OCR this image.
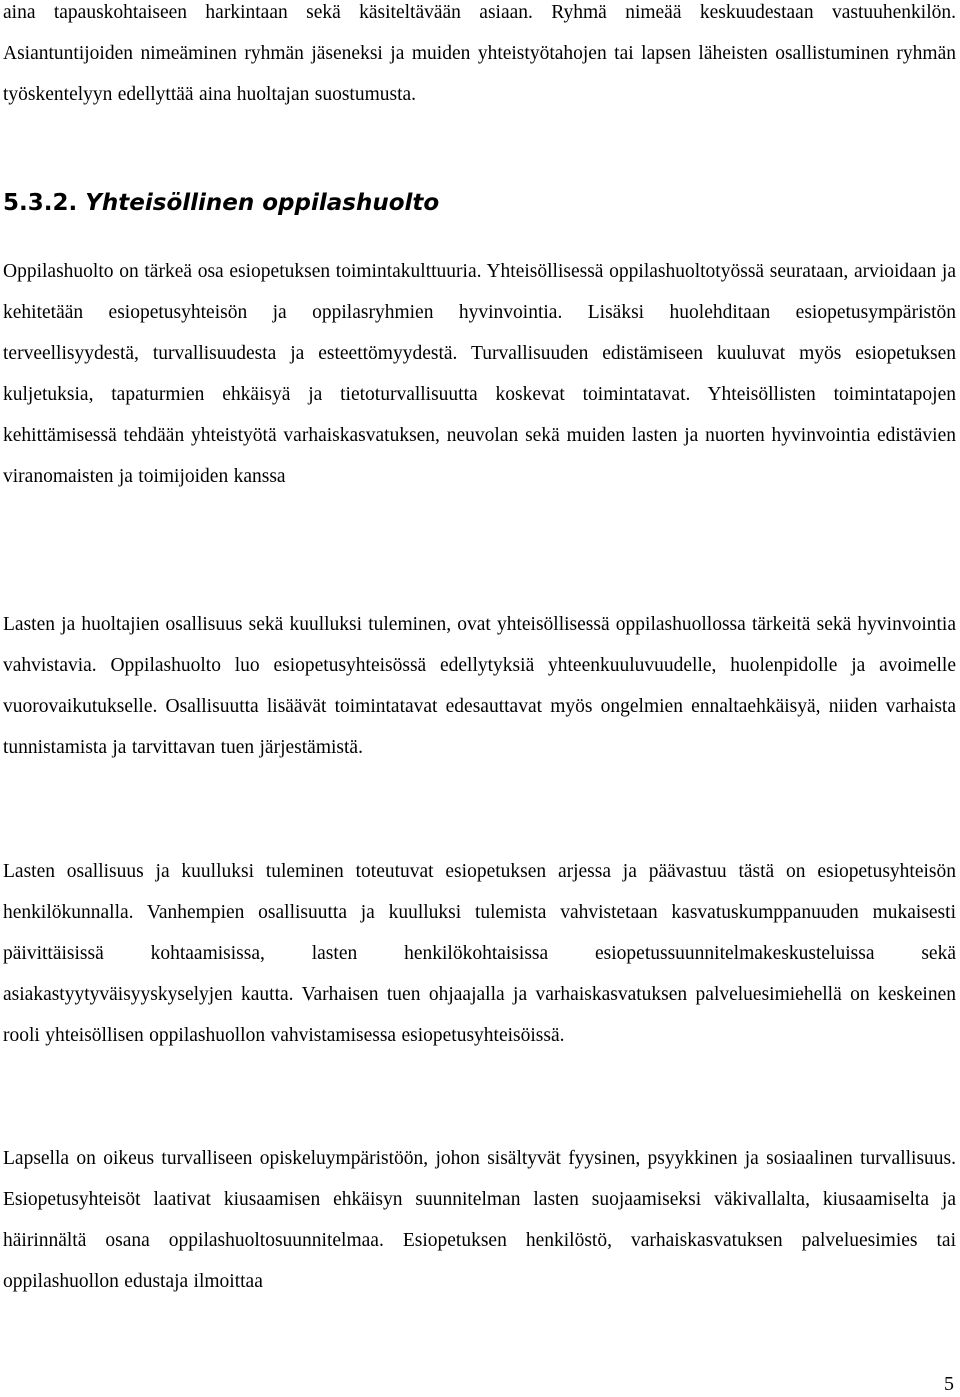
aina tapauskohtaiseen harkintaan sekä käsiteltävään asiaan. Ryhmä nimeää keskuudestaan vastuuhenkilön. Asiantuntijoiden nimeäminen ryhmän jäseneksi ja muiden yhteistyötahojen tai lapsen läheisten osallistuminen ryhmän työskentelyyn edellyttää aina huoltajan suostumusta.

5.3.2. Yhteisöllinen oppilashuolto

Oppilashuolto on tärkeä osa esiopetuksen toimintakulttuuria. Yhteisöllisessä oppilashuoltotyössä seurataan, arvioidaan ja kehitetään esiopetusyhteisön ja oppilasryhmien hyvinvointia. Lisäksi huolehditaan esiopetusympäristön terveellisyydestä, turvallisuudesta ja esteettömyydestä. Turvallisuuden edistämiseen kuuluvat myös esiopetuksen kuljetuksia, tapaturmien ehkäisyä ja tietoturvallisuutta koskevat toimintatavat. Yhteisöllisten toimintatapojen kehittämisessä tehdään yhteistyötä varhaiskasvatuksen, neuvolan sekä muiden lasten ja nuorten hyvinvointia edistävien viranomaisten ja toimijoiden kanssa

Lasten ja huoltajien osallisuus sekä kuulluksi tuleminen, ovat yhteisöllisessä oppilashuollossa tärkeitä sekä hyvinvointia vahvistavia. Oppilashuolto luo esiopetusyhteisössä edellytyksiä yhteenkuuluvuudelle, huolenpidolle ja avoimelle vuorovaikutukselle. Osallisuutta lisäävät toimintatavat edesauttavat myös ongelmien ennaltaehkäisyä, niiden varhaista tunnistamista ja tarvittavan tuen järjestämistä.

Lasten osallisuus ja kuulluksi tuleminen toteutuvat esiopetuksen arjessa ja päävastuu tästä on esiopetusyhteisön henkilökunnalla. Vanhempien osallisuutta ja kuulluksi tulemista vahvistetaan kasvatuskumppanuuden mukaisesti päivittäisissä kohtaamisissa, lasten henkilökohtaisissa esiopetussuunnitelmakeskusteluissa sekä asiakastyytyväisyyskyselyjen kautta. Varhaisen tuen ohjaajalla ja varhaiskasvatuksen palveluesimiehellä on keskeinen rooli yhteisöllisen oppilashuollon vahvistamisessa esiopetusyhteisöissä.

Lapsella on oikeus turvalliseen opiskeluympäristöön, johon sisältyvät fyysinen, psyykkinen ja sosiaalinen turvallisuus. Esiopetusyhteisöt laativat kiusaamisen ehkäisyn suunnitelman lasten suojaamiseksi väkivallalta, kiusaamiselta ja häirinnältä osana oppilashuoltosuunnitelmaa. Esiopetuksen henkilöstö, varhaiskasvatuksen palveluesimies tai oppilashuollon edustaja ilmoittaa

5
